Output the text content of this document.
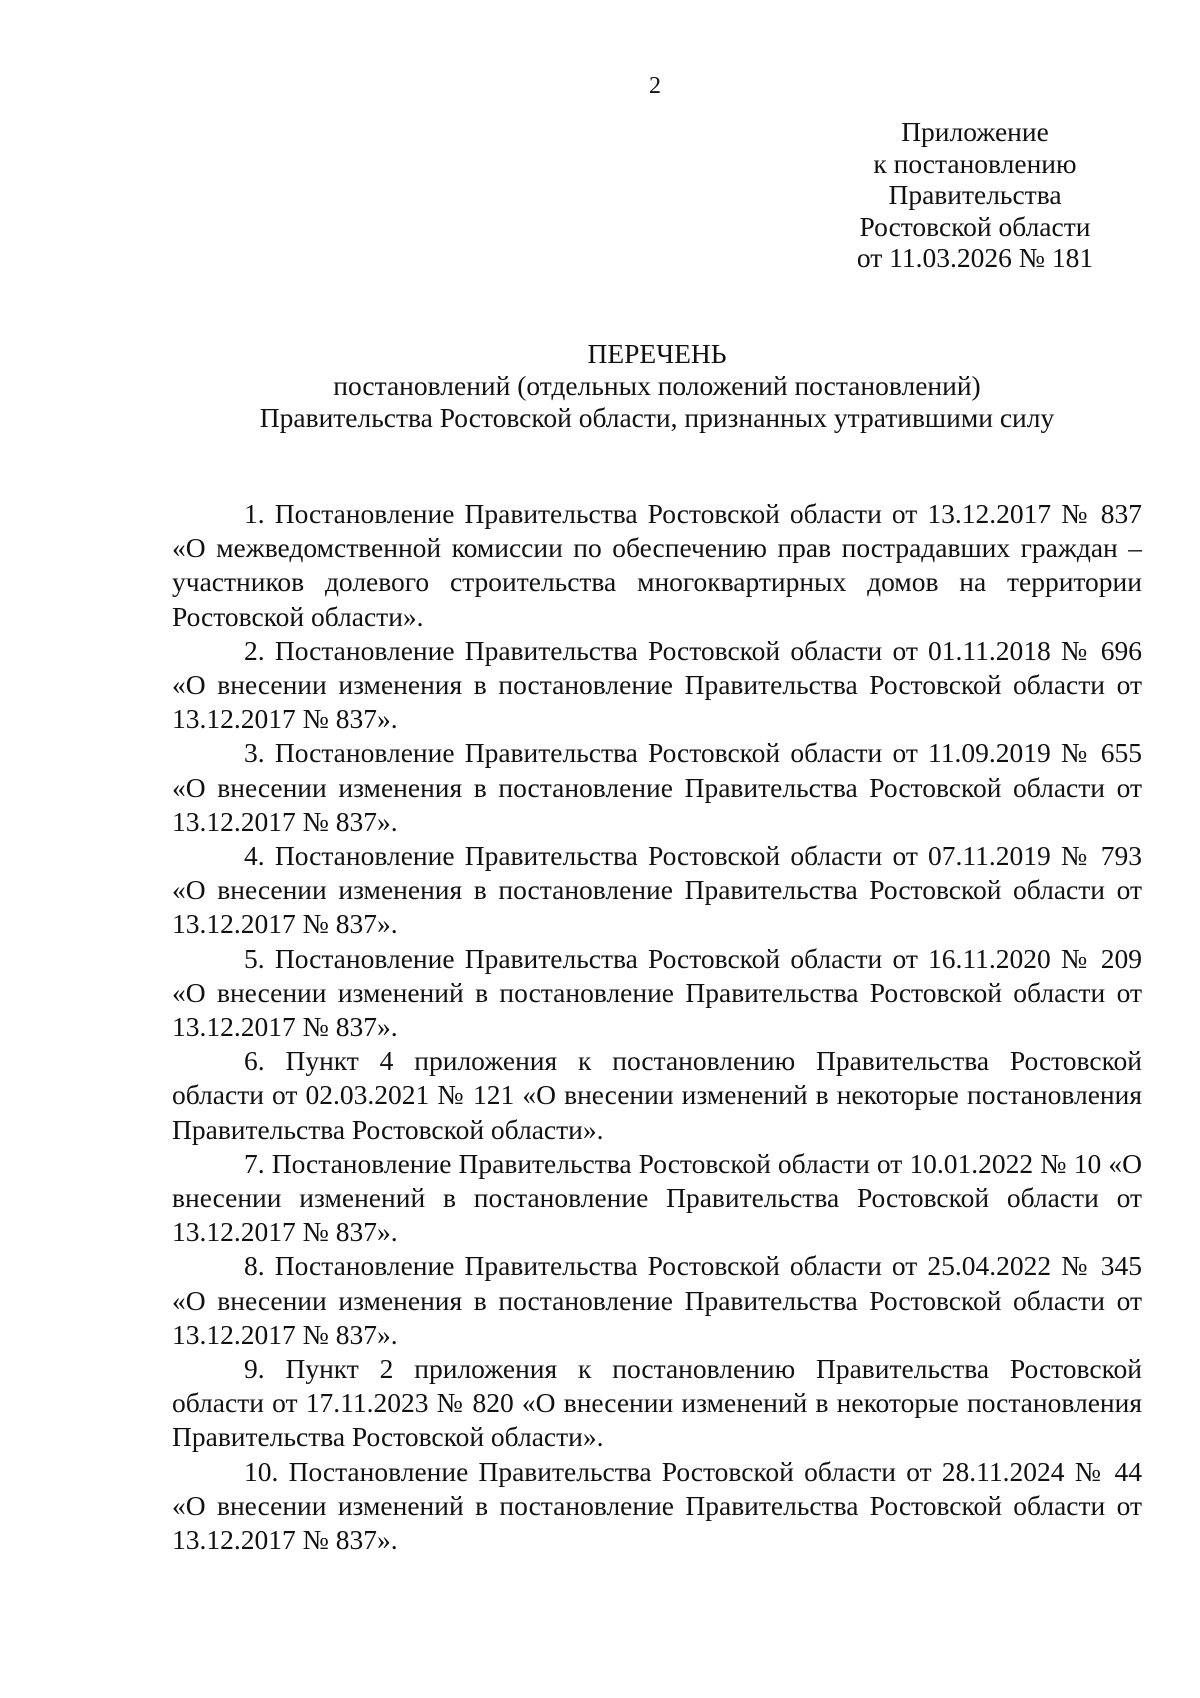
2
Приложение
к постановлению
Правительства
Ростовской области
от 11.03.2026 № 181
ПЕРЕЧЕНЬ
постановлений (отдельных положений постановлений)
Правительства Ростовской области, признанных утратившими силу

1. Постановление Правительства Ростовской области от 13.12.2017 № 837 «О межведомственной комиссии по обеспечению прав пострадавших граждан – участников долевого строительства многоквартирных домов на территории Ростовской области».

2. Постановление Правительства Ростовской области от 01.11.2018 № 696 «О внесении изменения в постановление Правительства Ростовской области от 13.12.2017 № 837».

3. Постановление Правительства Ростовской области от 11.09.2019 № 655 «О внесении изменения в постановление Правительства Ростовской области от 13.12.2017 № 837».

4. Постановление Правительства Ростовской области от 07.11.2019 № 793 «О внесении изменения в постановление Правительства Ростовской области от 13.12.2017 № 837».

5. Постановление Правительства Ростовской области от 16.11.2020 № 209 «О внесении изменений в постановление Правительства Ростовской области от 13.12.2017 № 837».

6. Пункт 4 приложения к постановлению Правительства Ростовской области от 02.03.2021 № 121 «О внесении изменений в некоторые постановления Правительства Ростовской области».

7. Постановление Правительства Ростовской области от 10.01.2022 № 10 «О внесении изменений в постановление Правительства Ростовской области от 13.12.2017 № 837».

8. Постановление Правительства Ростовской области от 25.04.2022 № 345 «О внесении изменения в постановление Правительства Ростовской области от 13.12.2017 № 837».

9. Пункт 2 приложения к постановлению Правительства Ростовской области от 17.11.2023 № 820 «О внесении изменений в некоторые постановления Правительства Ростовской области».

10. Постановление Правительства Ростовской области от 28.11.2024 № 44 «О внесении изменений в постановление Правительства Ростовской области от 13.12.2017 № 837».
